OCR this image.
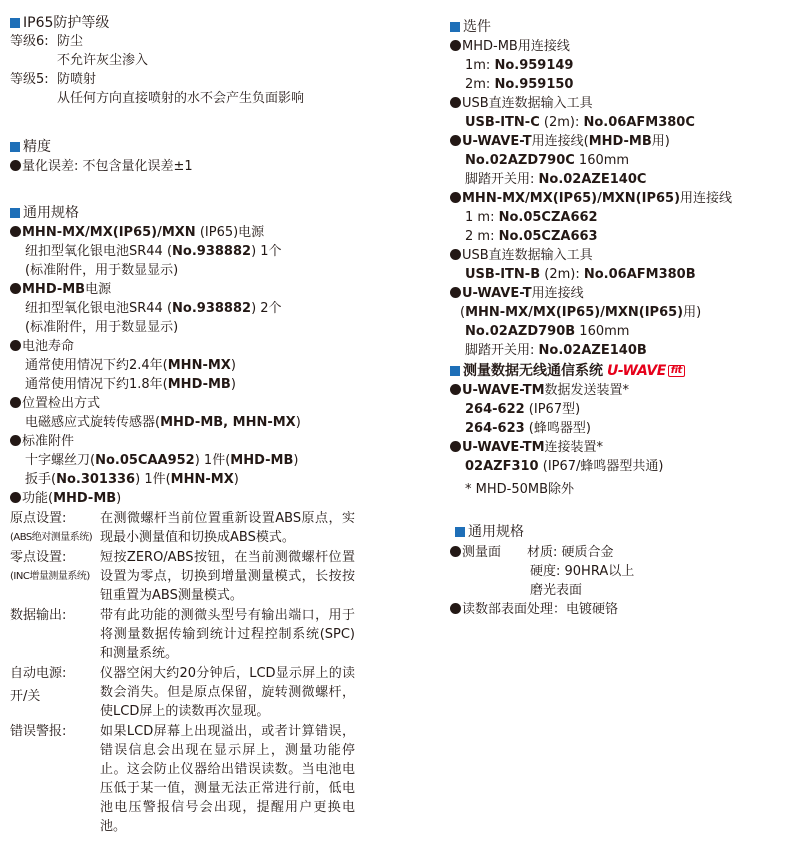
IP65防护等级
等级6: 防尘
不允许灰尘渗入
等级5: 防喷射
从任何方向直接喷射的水不会产生负面影响
精度
量化误差: 不包含量化误差±1
通用规格
MHN-MX/MX(IP65)/MXN (IP65)电源
纽扣型氧化银电池SR44 (No.938882) 1个
(标准附件，用于数显显示)
MHD-MB电源
纽扣型氧化银电池SR44 (No.938882) 2个
(标准附件，用于数显显示)
电池寿命
通常使用情况下约2.4年(MHN-MX)
通常使用情况下约1.8年(MHD-MB)
位置检出方式
电磁感应式旋转传感器(MHD-MB, MHN-MX)
标准附件
十字螺丝刀(No.05CAA952) 1件(MHD-MB)
扳手(No.301336) 1件(MHN-MX)
功能(MHD-MB)
原点设置:
(ABS绝对测量系统)
在测微螺杆当前位置重新设置ABS原点，实现最小测量值和切换成ABS模式。
零点设置:
(INC增量测量系统)
短按ZERO/ABS按钮，在当前测微螺杆位置设置为零点，切换到增量测量模式，长按按钮重置为ABS测量模式。
数据输出:	带有此功能的测微头型号有输出端口，用于将测量数据传输到统计过程控制系统(SPC)和测量系统。
自动电源:
开/关
仪器空闲大约20分钟后，LCD显示屏上的读数会消失。但是原点保留，旋转测微螺杆，使LCD屏上的读数再次显现。
错误警报:	如果LCD屏幕上出现溢出，或者计算错误，错误信息会出现在显示屏上，测量功能停止。这会防止仪器给出错误读数。当电池电压低于某一值，测量无法正常进行前，低电池电压警报信号会出现，提醒用户更换电池。
选件
MHD-MB用连接线
1m: No.959149
2m: No.959150
USB直连数据输入工具
USB-ITN-C (2m): No.06AFM380C
U-WAVE-T用连接线(MHD-MB用)
No.02AZD790C 160mm
脚踏开关用: No.02AZE140C
MHN-MX/MX(IP65)/MXN(IP65)用连接线
1 m: No.05CZA662
2 m: No.05CZA663
USB直连数据输入工具
USB-ITN-B (2m): No.06AFM380B
U-WAVE-T用连接线
(MHN-MX/MX(IP65)/MXN(IP65)用)
No.02AZD790B 160mm
脚踏开关用: No.02AZE140B
测量数据无线通信系统 U-WAVE fit
U-WAVE-TM数据发送装置*
264-622 (IP67型)
264-623 (蜂鸣器型)
U-WAVE-TM连接装置*
02AZF310 (IP67/蜂鸣器型共通)
* MHD-50MB除外
通用规格
测量面 材质: 硬质合金
硬度: 90HRA以上
磨光表面
读数部表面处理：电镀硬铬
